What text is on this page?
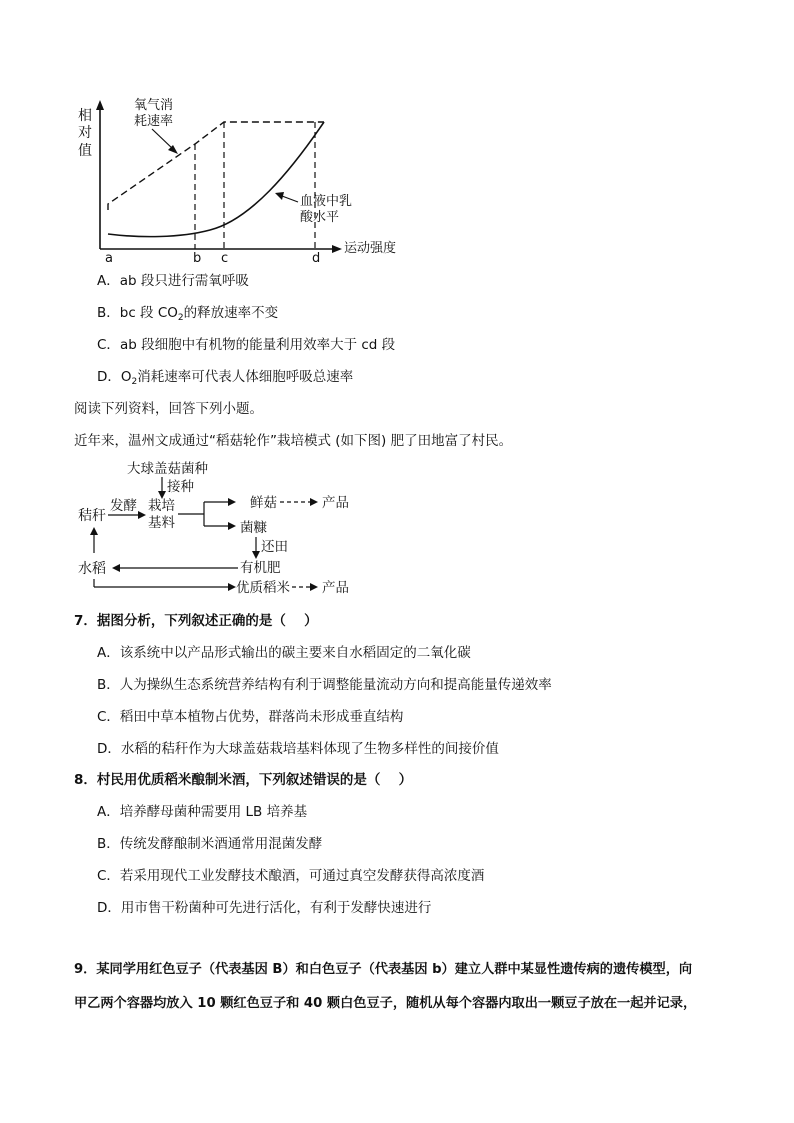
相
对
值
氧气消
耗速率
血液中乳
酸水平
a	b c	d
运动强度
A．ab 段只进行需氧呼吸
B．bc 段 $CO_2$的释放速率不变
C．ab 段细胞中有机物的能量利用效率大于 cd 段
D．$O_2$消耗速率可代表人体细胞呼吸总速率
阅读下列资料，回答下列小题。
近年来，温州文成通过“稻菇轮作”栽培模式 (如下图) 肥了田地富了村民。
大球盖菇菌种
接种
秸秆
发酵 栽培
基料
鲜菇	产品
菌糠
还田
有机肥
水稻
优质稻米 产品
7．据图分析，下列叙述正确的是（　 ）
A．该系统中以产品形式输出的碳主要来自水稻固定的二氧化碳
B．人为操纵生态系统营养结构有利于调整能量流动方向和提高能量传递效率
C．稻田中草本植物占优势，群落尚未形成垂直结构
D．水稻的秸秆作为大球盖菇栽培基料体现了生物多样性的间接价值
8．村民用优质稻米酿制米酒，下列叙述错误的是（　 ）
A．培养酵母菌种需要用 LB 培养基
B．传统发酵酿制米酒通常用混菌发酵
C．若采用现代工业发酵技术酿酒，可通过真空发酵获得高浓度酒
D．用市售干粉菌种可先进行活化，有利于发酵快速进行
9．某同学用红色豆子（代表基因 B）和白色豆子（代表基因 b）建立人群中某显性遗传病的遗传模型，向
甲乙两个容器均放入 10 颗红色豆子和 40 颗白色豆子，随机从每个容器内取出一颗豆子放在一起并记录，
